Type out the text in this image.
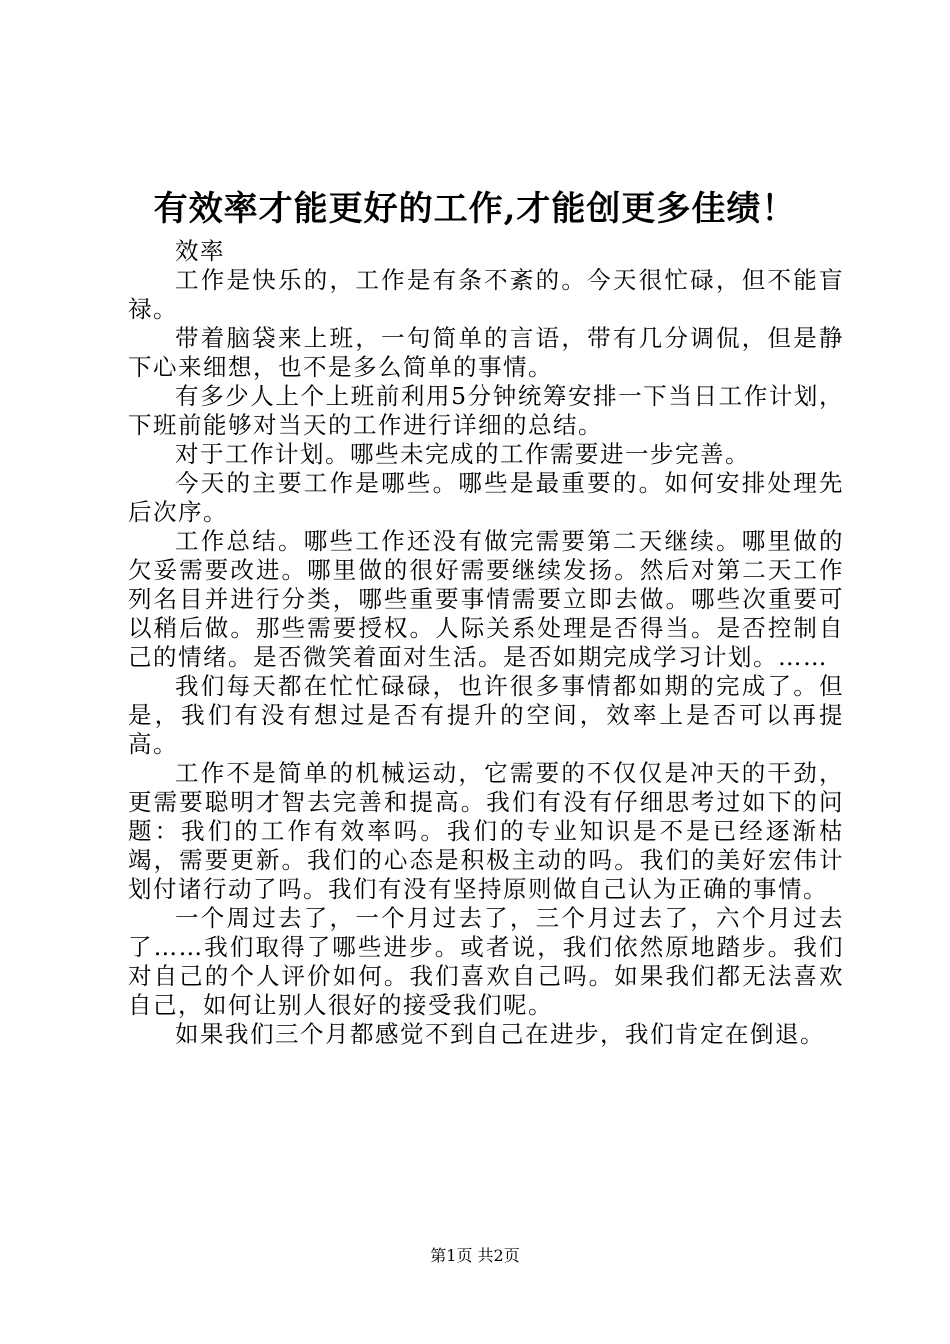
有效率才能更好的工作,才能创更多佳绩！

效率

工作是快乐的，工作是有条不紊的。今天很忙碌，但不能盲禄。

带着脑袋来上班，一句简单的言语，带有几分调侃，但是静下心来细想，也不是多么简单的事情。

有多少人上个上班前利用5分钟统筹安排一下当日工作计划，下班前能够对当天的工作进行详细的总结。

对于工作计划。哪些未完成的工作需要进一步完善。

今天的主要工作是哪些。哪些是最重要的。如何安排处理先后次序。

工作总结。哪些工作还没有做完需要第二天继续。哪里做的欠妥需要改进。哪里做的很好需要继续发扬。然后对第二天工作列名目并进行分类，哪些重要事情需要立即去做。哪些次重要可以稍后做。那些需要授权。人际关系处理是否得当。是否控制自己的情绪。是否微笑着面对生活。是否如期完成学习计划。……

我们每天都在忙忙碌碌，也许很多事情都如期的完成了。但是，我们有没有想过是否有提升的空间，效率上是否可以再提高。

工作不是简单的机械运动，它需要的不仅仅是冲天的干劲，更需要聪明才智去完善和提高。我们有没有仔细思考过如下的问题：我们的工作有效率吗。我们的专业知识是不是已经逐渐枯竭，需要更新。我们的心态是积极主动的吗。我们的美好宏伟计划付诸行动了吗。我们有没有坚持原则做自己认为正确的事情。

一个周过去了，一个月过去了，三个月过去了，六个月过去了……我们取得了哪些进步。或者说，我们依然原地踏步。我们对自己的个人评价如何。我们喜欢自己吗。如果我们都无法喜欢自己，如何让别人很好的接受我们呢。

如果我们三个月都感觉不到自己在进步，我们肯定在倒退。

第1页 共2页
